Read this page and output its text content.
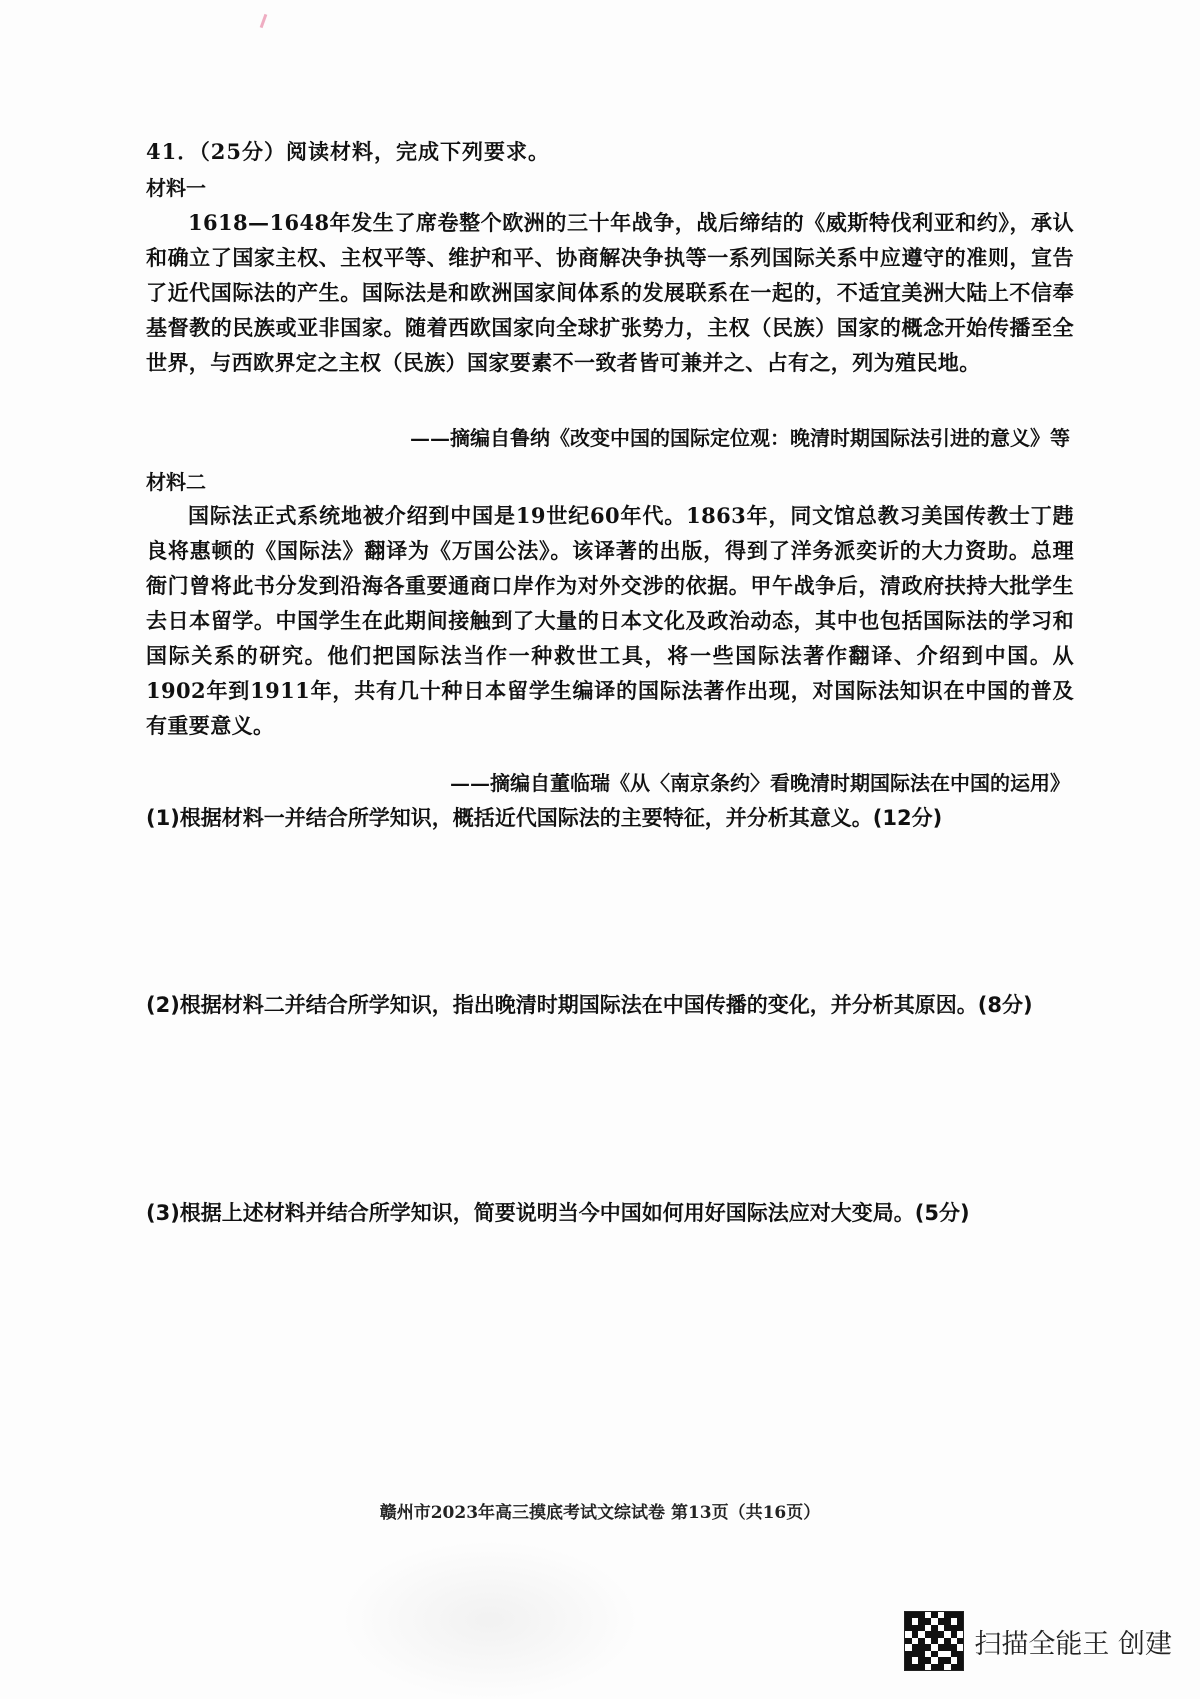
41．（25分）阅读材料，完成下列要求。
材料一
1618—1648年发生了席卷整个欧洲的三十年战争，战后缔结的《威斯特伐利亚和约》，承认和确立了国家主权、主权平等、维护和平、协商解决争执等一系列国际关系中应遵守的准则，宣告了近代国际法的产生。国际法是和欧洲国家间体系的发展联系在一起的，不适宜美洲大陆上不信奉基督教的民族或亚非国家。随着西欧国家向全球扩张势力，主权（民族）国家的概念开始传播至全世界，与西欧界定之主权（民族）国家要素不一致者皆可兼并之、占有之，列为殖民地。
——摘编自鲁纳《改变中国的国际定位观：晚清时期国际法引进的意义》等
材料二
国际法正式系统地被介绍到中国是19世纪60年代。1863年，同文馆总教习美国传教士丁韪良将惠顿的《国际法》翻译为《万国公法》。该译著的出版，得到了洋务派奕䜣的大力资助。总理衙门曾将此书分发到沿海各重要通商口岸作为对外交涉的依据。甲午战争后，清政府扶持大批学生去日本留学。中国学生在此期间接触到了大量的日本文化及政治动态，其中也包括国际法的学习和国际关系的研究。他们把国际法当作一种救世工具，将一些国际法著作翻译、介绍到中国。从1902年到1911年，共有几十种日本留学生编译的国际法著作出现，对国际法知识在中国的普及有重要意义。
——摘编自董临瑞《从〈南京条约〉看晚清时期国际法在中国的运用》
(1)根据材料一并结合所学知识，概括近代国际法的主要特征，并分析其意义。(12分)
(2)根据材料二并结合所学知识，指出晚清时期国际法在中国传播的变化，并分析其原因。(8分)
(3)根据上述材料并结合所学知识，简要说明当今中国如何用好国际法应对大变局。(5分)
赣州市2023年高三摸底考试文综试卷 第13页（共16页）
扫描全能王 创建
